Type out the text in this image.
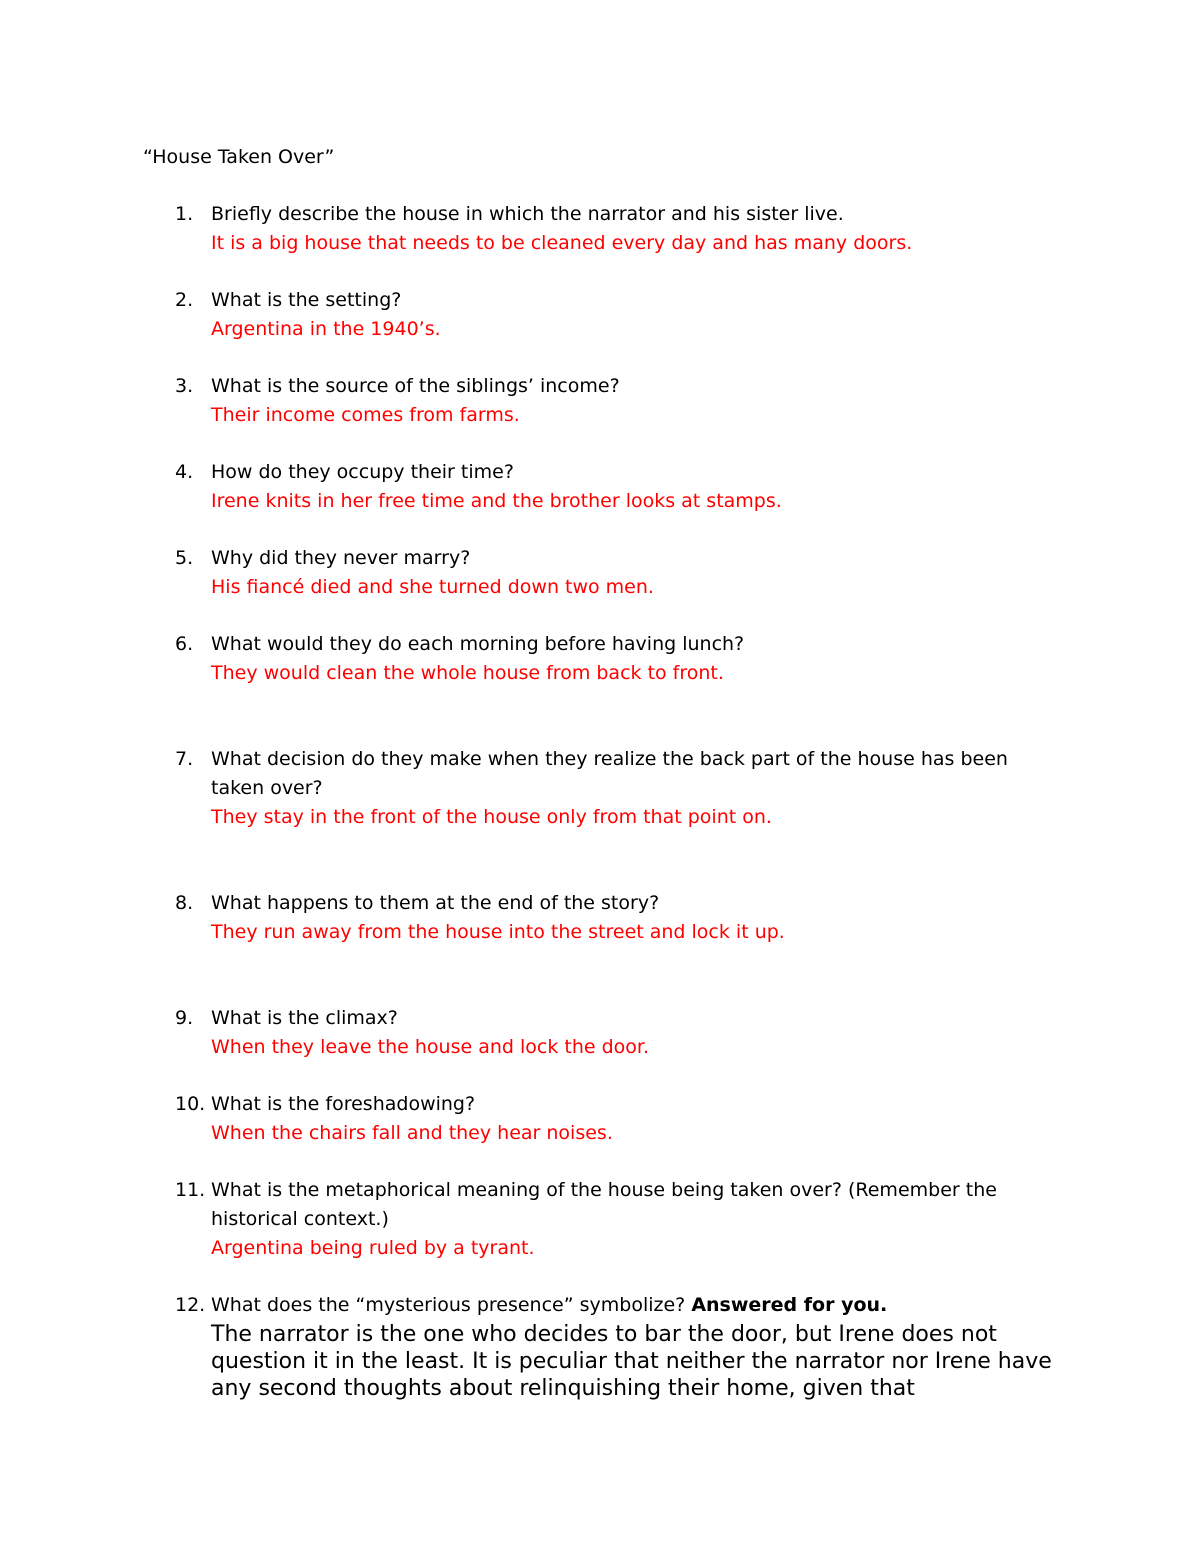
“House Taken Over”
1. Briefly describe the house in which the narrator and his sister live.
It is a big house that needs to be cleaned every day and has many doors.
2. What is the setting?
Argentina in the 1940’s.
3. What is the source of the siblings’ income?
Their income comes from farms.
4. How do they occupy their time?
Irene knits in her free time and the brother looks at stamps.
5. Why did they never marry?
His fiancé died and she turned down two men.
6. What would they do each morning before having lunch?
They would clean the whole house from back to front.
7. What decision do they make when they realize the back part of the house has been taken over?
They stay in the front of the house only from that point on.
8. What happens to them at the end of the story?
They run away from the house into the street and lock it up.
9. What is the climax?
When they leave the house and lock the door.
10. What is the foreshadowing?
When the chairs fall and they hear noises.
11. What is the metaphorical meaning of the house being taken over? (Remember the historical context.)
Argentina being ruled by a tyrant.
12. What does the “mysterious presence” symbolize? Answered for you.
The narrator is the one who decides to bar the door, but Irene does not question it in the least. It is peculiar that neither the narrator nor Irene have any second thoughts about relinquishing their home, given that
